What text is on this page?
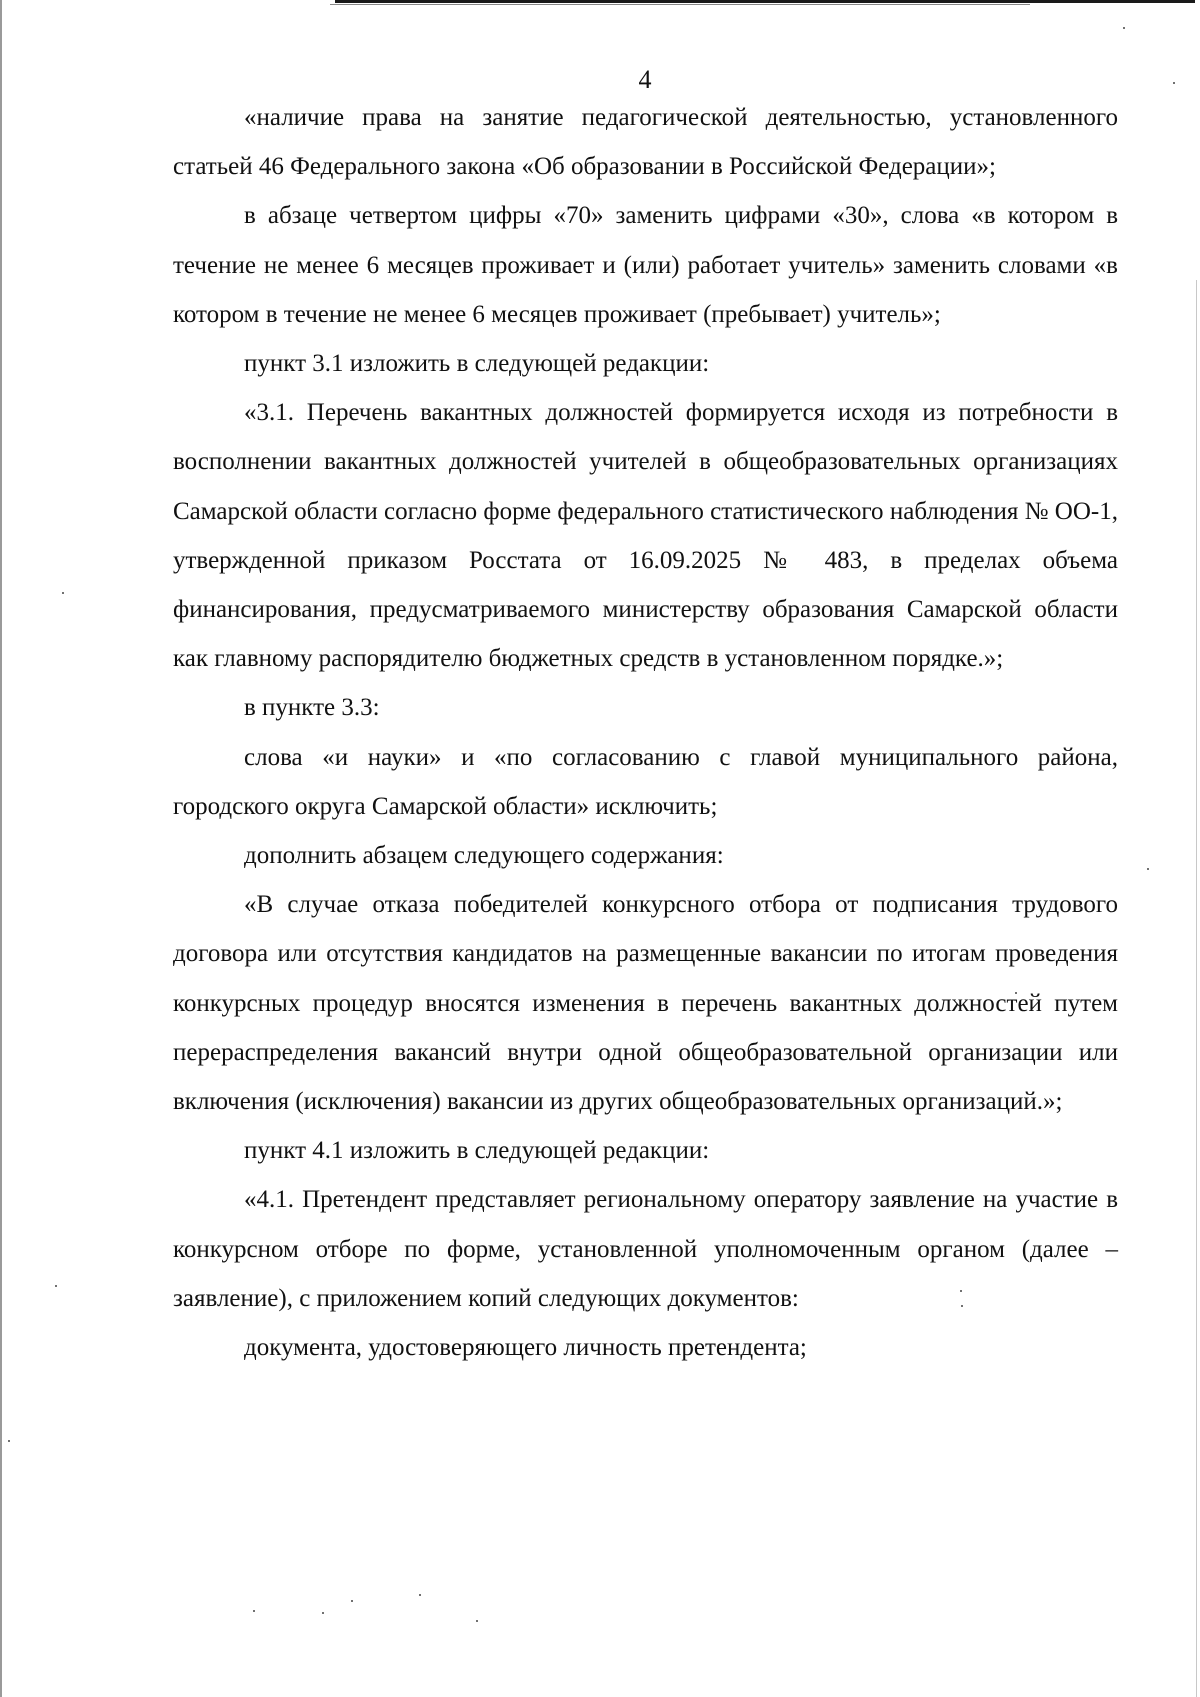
4

«наличие права на занятие педагогической деятельностью, установленного статьей 46 Федерального закона «Об образовании в Российской Федерации»;

в абзаце четвертом цифры «70» заменить цифрами «30», слова «в котором в течение не менее 6 месяцев проживает и (или) работает учитель» заменить словами «в котором в течение не менее 6 месяцев проживает (пребывает) учитель»;

пункт 3.1 изложить в следующей редакции:

«3.1. Перечень вакантных должностей формируется исходя из потребности в восполнении вакантных должностей учителей в общеобразовательных организациях Самарской области согласно форме федерального статистического наблюдения № ОО-1, утвержденной приказом Росстата от 16.09.2025 № 483, в пределах объема финансирования, предусматриваемого министерству образования Самарской области как главному распорядителю бюджетных средств в установленном порядке.»;

в пункте 3.3:

слова «и науки» и «по согласованию с главой муниципального района, городского округа Самарской области» исключить;

дополнить абзацем следующего содержания:

«В случае отказа победителей конкурсного отбора от подписания трудового договора или отсутствия кандидатов на размещенные вакансии по итогам проведения конкурсных процедур вносятся изменения в перечень вакантных должностей путем перераспределения вакансий внутри одной общеобразовательной организации или включения (исключения) вакансии из других общеобразовательных организаций.»;

пункт 4.1 изложить в следующей редакции:

«4.1. Претендент представляет региональному оператору заявление на участие в конкурсном отборе по форме, установленной уполномоченным органом (далее – заявление), с приложением копий следующих документов:

документа, удостоверяющего личность претендента;
